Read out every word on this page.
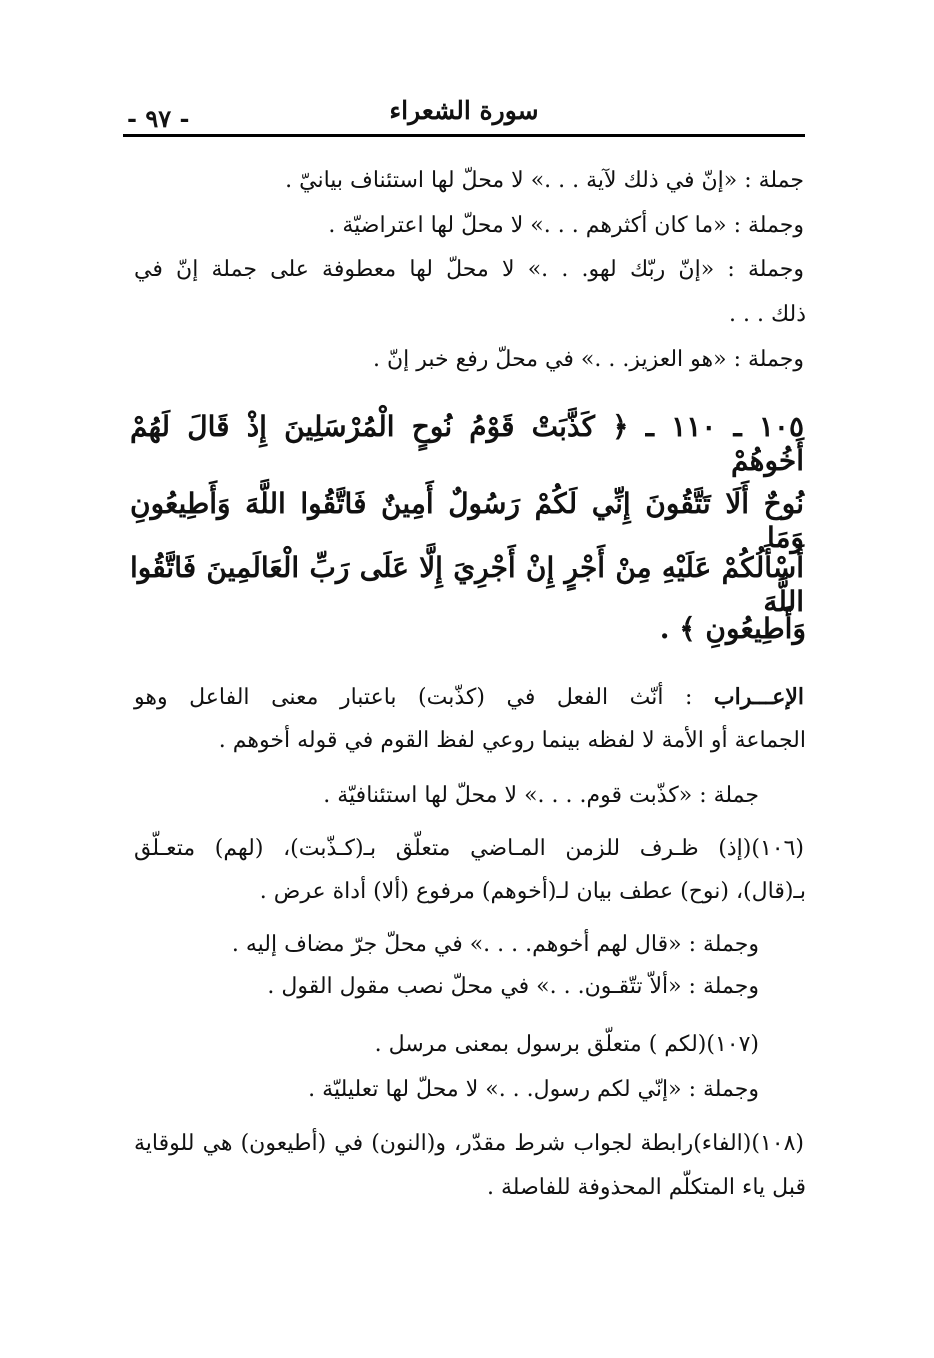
- ٩٧ -	سورة الشعراء
جملة : «إنّ في ذلك لآية . . .» لا محلّ لها استئناف بيانيّ .
وجملة : «ما كان أكثرهم . . .» لا محلّ لها اعتراضيّة .
وجملة : «إنّ ربّك لهو. . .» لا محلّ لها معطوفة على جملة إنّ في
ذلك . . .
وجملة : «هو العزيز. . .» في محلّ رفع خبر إنّ .
١٠٥ ـ ١١٠ ـ ﴿ كَذَّبَتْ قَوْمُ نُوحٍ الْمُرْسَلِينَ إِذْ قَالَ لَهُمْ أَخُوهُمْ
نُوحٌ أَلَا تَتَّقُونَ إِنِّي لَكُمْ رَسُولٌ أَمِينٌ فَاتَّقُوا اللَّهَ وَأَطِيعُونِ وَمَا
أَسْأَلُكُمْ عَلَيْهِ مِنْ أَجْرٍ إِنْ أَجْرِيَ إِلَّا عَلَى رَبِّ الْعَالَمِينَ فَاتَّقُوا اللَّهَ
وَأَطِيعُونِ ﴾ .
الإعـــراب : أنّث الفعل في (كذّبت) باعتبار معنى الفاعل وهو
الجماعة أو الأمة لا لفظه بينما روعي لفظ القوم في قوله أخوهم .
جملة : «كذّبت قوم. . . .» لا محلّ لها استئنافيّة .
(١٠٦)(إذ) ظـرف للزمن المـاضي متعلّق بـ(كـذّبت)، (لهم) متعـلّق
بـ(قال)، (نوح) عطف بيان لـ(أخوهم) مرفوع (ألا) أداة عرض .
وجملة : «قال لهم أخوهم. . . .» في محلّ جرّ مضاف إليه .
وجملة : «ألاّ تتّقـون. . .» في محلّ نصب مقول القول .
(١٠٧)(لكم ) متعلّق برسول بمعنى مرسل .
وجملة : «إنّي لكم رسول. . .» لا محلّ لها تعليليّة .
(١٠٨)(الفاء)رابطة لجواب شرط مقدّر، و(النون) في (أطيعون) هي للوقاية
قبل ياء المتكلّم المحذوفة للفاصلة .
